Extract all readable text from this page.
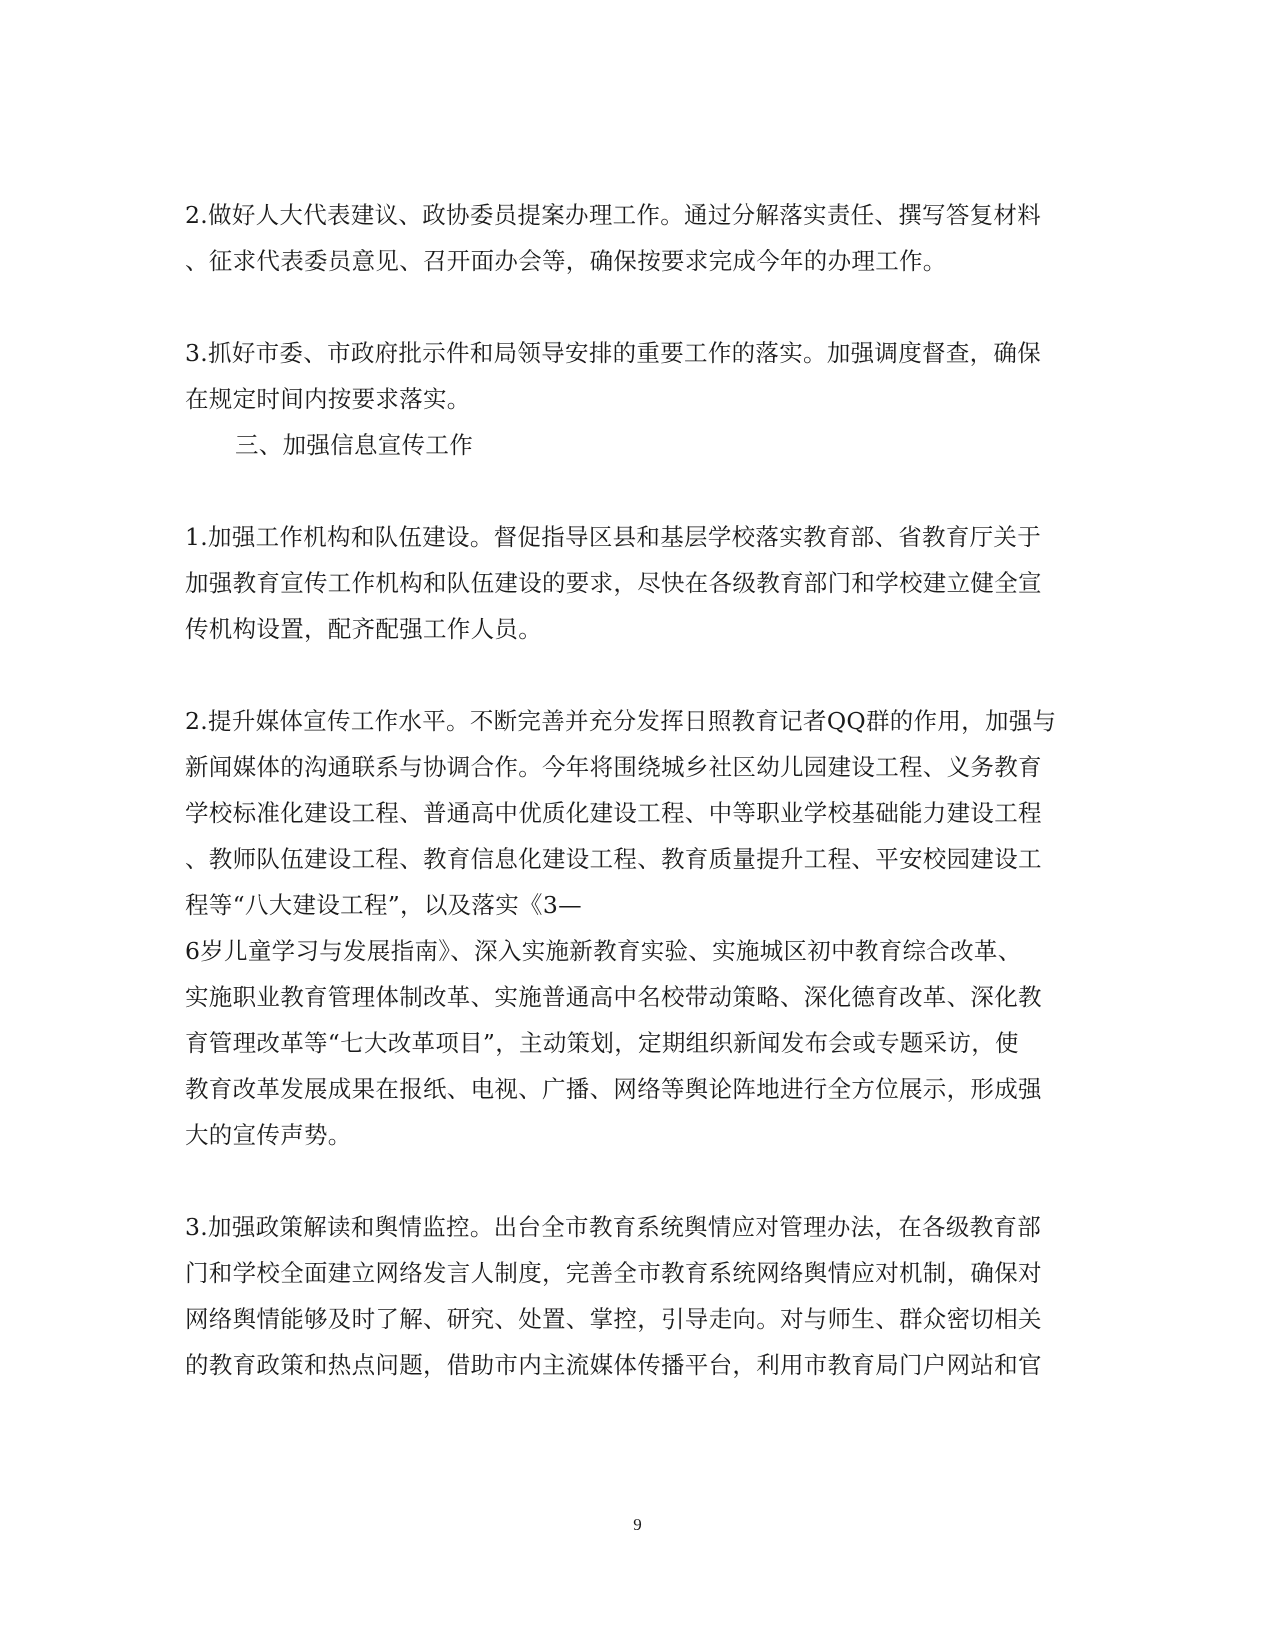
2.做好人大代表建议、政协委员提案办理工作。通过分解落实责任、撰写答复材料
、征求代表委员意见、召开面办会等，确保按要求完成今年的办理工作。
3.抓好市委、市政府批示件和局领导安排的重要工作的落实。加强调度督查，确保
在规定时间内按要求落实。
三、加强信息宣传工作
1.加强工作机构和队伍建设。督促指导区县和基层学校落实教育部、省教育厅关于
加强教育宣传工作机构和队伍建设的要求，尽快在各级教育部门和学校建立健全宣
传机构设置，配齐配强工作人员。
2.提升媒体宣传工作水平。不断完善并充分发挥日照教育记者QQ群的作用，加强与
新闻媒体的沟通联系与协调合作。今年将围绕城乡社区幼儿园建设工程、义务教育
学校标准化建设工程、普通高中优质化建设工程、中等职业学校基础能力建设工程
、教师队伍建设工程、教育信息化建设工程、教育质量提升工程、平安校园建设工
程等“八大建设工程”，以及落实《3—
6岁儿童学习与发展指南》、深入实施新教育实验、实施城区初中教育综合改革、
实施职业教育管理体制改革、实施普通高中名校带动策略、深化德育改革、深化教
育管理改革等“七大改革项目”，主动策划，定期组织新闻发布会或专题采访，使
教育改革发展成果在报纸、电视、广播、网络等舆论阵地进行全方位展示，形成强
大的宣传声势。
3.加强政策解读和舆情监控。出台全市教育系统舆情应对管理办法，在各级教育部
门和学校全面建立网络发言人制度，完善全市教育系统网络舆情应对机制，确保对
网络舆情能够及时了解、研究、处置、掌控，引导走向。对与师生、群众密切相关
的教育政策和热点问题，借助市内主流媒体传播平台，利用市教育局门户网站和官
9
